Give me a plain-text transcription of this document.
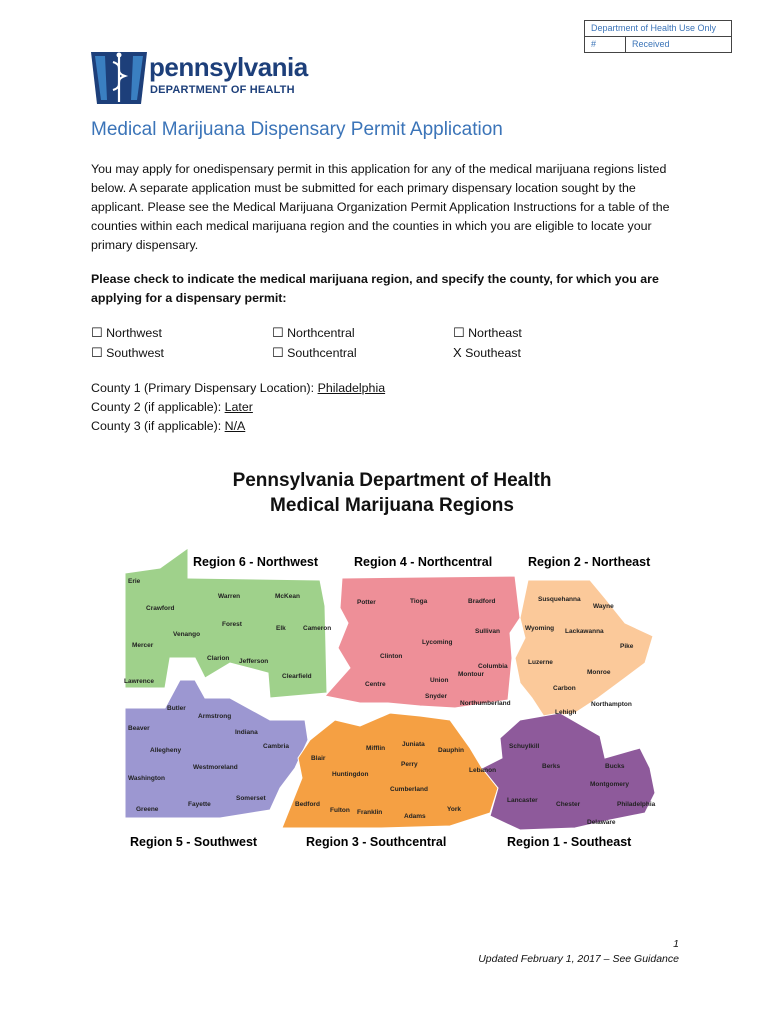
Department of Health Use Only
#	Received
pennsylvania
DEPARTMENT OF HEALTH
Medical Marijuana Dispensary Permit Application
You may apply for onedispensary permit in this application for any of the medical marijuana regions listed below. A separate application must be submitted for each primary dispensary location sought by the applicant. Please see the Medical Marijuana Organization Permit Application Instructions for a table of the counties within each medical marijuana region and the counties in which you are eligible to locate your primary dispensary.
Please check to indicate the medical marijuana region, and specify the county, for which you are applying for a dispensary permit:
☐ Northwest	☐ Northcentral	☐ Northeast
☐ Southwest	☐ Southcentral	X Southeast
County 1 (Primary Dispensary Location): Philadelphia
County 2 (if applicable): Later
County 3 (if applicable): N/A
Pennsylvania Department of Health
Medical Marijuana Regions
Region 6 - Northwest	Region 4 - Northcentral	Region 2 - Northeast
Region 5 - Southwest	Region 3 - Southcentral	Region 1 - Southeast
Erie
Warren	McKean
Crawford
Forest
Venango
Elk	Cameron
Mercer
Clarion Jefferson
Lawrence
Clearfield
Potter	Tioga	Bradford
Sullivan
Lycoming
Clinton
Columbia
Montour
Centre
Union
Snyder
Northumberland
Susquehanna
Wayne
Wyoming Lackawanna
Pike
Luzerne
Monroe
Carbon
Northampton
Lehigh
Butler
Armstrong
Beaver
Indiana
Allegheny
Cambria
Westmoreland
Washington
Somerset
Fayette
Greene
Mifflin
Juniata
Dauphin
Blair
Perry
Huntingdon
Lebanon
Cumberland
Bedford
Fulton Franklin	York
Adams
Schuylkill
Berks	Bucks
Montgomery
Lancaster
Chester	Philadelphia
Delaware
1
Updated February 1, 2017 – See Guidance
